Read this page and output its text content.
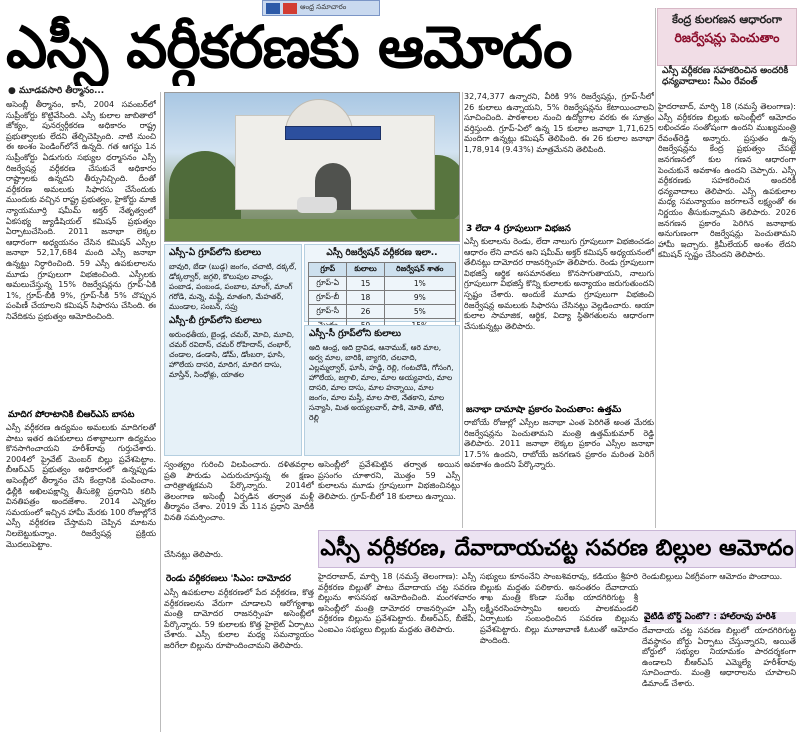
ఆంధ్ర సమాచారం
ఎస్సీ వర్గీకరణకు ఆమోదం
● మూడవసారి తీర్మానం...
కేంద్ర కులగణన ఆధారంగా
రిజర్వేషన్లు పెంచుతాం
ఎస్సీ వర్గీకరణ సహకరించిన అందరికీ ధన్యవాదాలు: సీఎం రేవంత్
అసెంబ్లీ తీర్మానం, కానీ, 2004 సవంబర్‌లో సుప్రీంకోర్టు కొట్టివేసింది. ఎస్సీ కులాల జాబితాలో జోక్యం, పునర్వర్గీకరణ అధికారం రాష్ట్ర ప్రభుత్వాలకు లేదని తేల్చిచెప్పింది. నాటి నుంచి ఈ అంశం పెండింగ్‌లోనే ఉన్నది. గత ఆగస్టు 1న సుప్రీంకోర్టు ఏడుగురు సభ్యుల ధర్మాసనం ఎస్సీ రిజర్వేషన్ల వర్గీకరణ చేసుకునే అధికారం రాష్ట్రాలకు ఉన్నదని తీర్పునిచ్చింది. దీంతో వర్గీకరణ అమలుకు సిఫారసు చేసేందుకు ముందుకు వచ్చిన రాష్ట్ర ప్రభుత్వం, హైకోర్టు మాజీ న్యాయమూర్తి షమీమ్ అక్తర్ నేతృత్వంలో ఏకసభ్య జ్యుడీషియల్ కమిషన్ ప్రభుత్వం ఏర్పాటుచేసింది. 2011 జనాభా లెక్కల ఆధారంగా అధ్యయనం చేసిన కమిషన్ ఎస్సీల జనాభా 52,17,684 మంది ఎస్సీ జనాభా ఉన్నట్టు నిర్ధారించింది. 59 ఎస్సీ ఉపకులాలను మూడు గ్రూపులుగా విభజించింది. ఎస్సీలకు అమలుచేస్తున్న 15% రిజర్వేషన్లను గ్రూప్-ఏకి 1%, గ్రూప్-బీకి 9%, గ్రూప్-సీకి 5% చొప్పున పంపిణీ చేయాలని కమిషన్ సిఫారసు చేసింది. ఈ నివేదికను ప్రభుత్వం ఆమోదించింది.
మాదిగ పోరాటానికి బీఆర్ఎస్ బాసట
ఎస్సీ వర్గీకరణ ఉద్యమం అమలుకు మాదిగలతో పాటు ఇతర ఉపకులాలు దశాబ్దాలుగా ఉద్యమం కొనసాగించాయని హరీశ్‌రావు గుర్తుచేశారు. 2004లో ప్రైవేట్ మెంబర్ బిల్లు ప్రవేశపెట్టాం. బీఆర్ఎస్ ప్రభుత్వం అధికారంలో ఉన్నప్పుడు అసెంబ్లీలో తీర్మానం చేసి కేంద్రానికి పంపించాం. ఢిల్లీకి అఖిలపక్షాన్ని తీసుకెళ్లి ప్రధానిని కలిసి వినతిపత్రం అందజేశాం. 2014 ఎన్నికల సమయంలో ఇచ్చిన హామీ మేరకు 100 రోజుల్లోనే ఎస్సీ వర్గీకరణ చేస్తామని చెప్పిన మాటను నిలబెట్టుకున్నాం. రిజర్వేషన్ల ప్రక్రియ మొదలుపెట్టాం.
ఎస్సీ-ఏ గ్రూప్‌లోని కులాలు

బావురి, బేడా (బుడ్గ) జంగం, చచాటి, దక్కల్, డోక్కల్వార్, జగ్గలి, కొలుపుల వాండ్లు, పంబాడ, పంబండ, పంబాల, మాంగ్, మాంగ్ గరోడి, మన్నె, మష్టీ, మాతంగి, మేహతర్, ముండాల, సంబన్, సప్రు

ఎస్సీ-బీ గ్రూప్‌లోని కులాలు

అరుంధతీయ, బైండ్ల, చమర్, మోచి, మూచి, చమర్ రవిదాస్, చమర్ రోహిదాస్, చంభార్, చండాల, డండాసి, డోమ్, డోంబరా, ఘాసి, హొలేయ దాసరి, మాదిగ, మాదిగ దాసు, మాస్తీన్, సింధోళ్లు, యాతల

ఎస్సీ రిజర్వేషన్ వర్గీకరణ ఇలా..
గ్రూప్	కులాలు	రిజర్వేషన్ శాతం
గ్రూప్-ఏ	15	1%
గ్రూప్-బీ	18	9%
గ్రూప్-సీ	26	5%

ఎస్సీ-సీ గ్రూప్‌లోని కులాలు

ఆది ఆంధ్ర, ఆది ద్రావిడ, ఆనాముక్, ఆరె మాల, అర్వ మాల, బారికి, బ్యాగరి, చలవాది, ఎల్లమ్మల్వార్, ఘాసీ, హడ్డి, రెల్లి, గంటచోడి, గోసంగి, హొలేయ, జగ్గాలి, మాల, మాల అయ్యవారు, మాల దాసరి, మాల దాసు, మాల హన్నాయి, మాల జంగం, మాల మస్తీ, మాల సాలె, నేతకాని, మాల సన్యాసి, మిత అయ్యలవార్, పాకి, మోతి, తోటి, రెల్లి

32,74,377 ఉన్నారని, వీరికి 9% రిజర్వేషన్లు, గ్రూప్-సీలో 26 కులాలు ఉన్నాయని, 5% రిజర్వేషన్లను కేటాయించాలని సూచించింది. పాఠశాలల నుంచి ఉద్యోగాల వరకు ఈ సూత్రం వర్తిస్తుంది. గ్రూప్-ఏలో ఉన్న 15 కులాల జనాభా 1,71,625 మందిగా ఉన్నట్లు కమిషన్ తెలిపింది. ఈ 26 కులాల జనాభా 1,78,914 (9.43%) మాత్రమేనని తెలిపింది.
3 లేదా 4 గ్రూపులుగా విభజన
ఎస్సీ కులాలను రెండు, లేదా నాలుగు గ్రూపులుగా విభజించడం ఆధారం లేని వాదన అని షమీమ్ అక్తర్ కమిషన్ అధ్యయనంలో తేలినట్లు దామోదర రాజనర్సింహ తెలిపారు. రెండు గ్రూపులుగా విభజిస్తే ఆర్థిక అసమానతలు కొనసాగుతాయని, నాలుగు గ్రూపులుగా విభజిస్తే కొన్ని కులాలకు అన్యాయం జరుగుతుందని స్పష్టం చేశారు. అందుకే మూడు గ్రూపులుగా విభజించి రిజర్వేషన్ల అమలుకు సిఫారసు చేసినట్లు వెల్లడించారు. ఆయా కులాల సామాజిక, ఆర్థిక, విద్యా స్థితిగతులను ఆధారంగా చేసుకున్నట్లు తెలిపారు.
జనాభా దామాషా ప్రకారం పెంచుతాం: ఉత్తమ్
రాబోయే రోజుల్లో ఎస్సీల జనాభా ఎంత పెరిగితే అంత మేరకు రిజర్వేషన్లను పెంచుతామని మంత్రి ఉత్తమ్‌కుమార్ రెడ్డి తెలిపారు. 2011 జనాభా లెక్కల ప్రకారం ఎస్సీల జనాభా 17.5% ఉందని, రాబోయే జనగణన ప్రకారం మరింత పెరిగే అవకాశం ఉందని పేర్కొన్నారు.
స్వంత్య్రం గురించి విలపించారు. దళితవర్గాల ప్రతి పౌరుడు ఎదురుచూస్తున్న ఈ క్షణం చారిత్రాత్మకమని పేర్కొన్నారు. 2014లో తెలంగాణ అసెంబ్లీ ఏర్పడిన తర్వాత మళ్లీ తీర్మానం చేశాం. 2019 మే 11న ప్రధాని మోదీకి వినతి సమర్పించాం.
అసెంబ్లీలో ప్రవేశపెట్టిన తర్వాత అయిన ప్రసంగం చూశారని, మొత్తం 59 ఎస్సీ కులాలను మూడు గ్రూపులుగా విభజించినట్లు తెలిపారు. గ్రూప్-బీలో 18 కులాలు ఉన్నాయి.
హైదరాబాద్, మార్చి 18 (నమస్తే తెలంగాణ): ఎస్సీ వర్గీకరణ బిల్లుకు అసెంబ్లీలో ఆమోదం లభించడం సంతోషంగా ఉందని ముఖ్యమంత్రి రేవంత్‌రెడ్డి అన్నారు. ప్రస్తుతం ఉన్న రిజర్వేషన్లను కేంద్ర ప్రభుత్వం చేపట్టే జనగణనలో కుల గణన ఆధారంగా పెంచుకునే అవకాశం ఉందని చెప్పారు. ఎస్సీ వర్గీకరణకు సహకరించిన అందరికీ ధన్యవాదాలు తెలిపారు. ఎస్సీ ఉపకులాల మధ్య సమన్యాయం జరగాలనే లక్ష్యంతో ఈ నిర్ణయం తీసుకున్నామని తెలిపారు. 2026 జనగణన ప్రకారం పెరిగిన జనాభాకు అనుగుణంగా రిజర్వేషన్లు పెంచుతామని హామీ ఇచ్చారు. క్రిమీలేయర్ అంశం లేదని కమిషన్ స్పష్టం చేసిందని తెలిపారు.
ఎస్సీ వర్గీకరణ, దేవాదాయచట్ట సవరణ బిల్లుల ఆమోదం
చేసినట్లు తెలిపారు.
రెండు వర్గీకరణలు 'సీఎం: దామోదర
ఎస్సీ ఉపకులాల వర్గీకరణలో పేద వర్గీకరణ, కొత్త వర్గీకరణలను వేరుగా చూడాలని ఆరోగ్యశాఖ మంత్రి దామోదర రాజనర్సింహ అసెంబ్లీలో పేర్కొన్నారు. 59 కులాలకు కొత్త హైలైట్ ఏర్పాటు చేశారు. ఎస్సీ కులాల మధ్య సమన్యాయం జరిగేలా బిల్లును రూపొందించామని తెలిపారు.
హైదరాబాద్, మార్చి 18 (నమస్తే తెలంగాణ): ఎస్సీ వర్గీకరణ బిల్లుతో పాటు దేవాదాయ చట్ట సవరణ బిల్లును శాసనసభ ఆమోదించింది. మంగళవారం అసెంబ్లీలో మంత్రి దామోదర రాజనర్సింహ ఎస్సీ వర్గీకరణ బిల్లును ప్రవేశపెట్టారు. బీఆర్ఎస్, బీజేపీ, ఎంఐఎం సభ్యులు బిల్లుకు మద్దతు తెలిపారు.
సభ్యులు కూనంనేని సాంబశివరావు, కడియం శ్రీహరి బిల్లుకు మద్దతు పలికారు. అనంతరం దేవాదాయ శాఖ మంత్రి కొండా సురేఖ యాదగిరిగుట్ట శ్రీ లక్ష్మీనరసింహస్వామి ఆలయ పాలకమండలి ఏర్పాటుకు సంబంధించిన సవరణ బిల్లును ప్రవేశపెట్టారు. బిల్లు మూజువాణి ఓటుతో ఆమోదం పొందింది.
రెండుబిల్లులు ఏకగ్రీవంగా ఆమోదం పొందాయి.
వైటీడీ బోర్డ్ ఏంటో? : హాల్‌రావు హరీశ్
దేవాదాయ చట్ట సవరణ బిల్లులో యాదగిరిగుట్ట దేవస్థానం బోర్డు ఏర్పాటు చేస్తున్నారని, అయితే బోర్డులో సభ్యుల నియామకం పారదర్శకంగా ఉండాలని బీఆర్ఎస్ ఎమ్మెల్యే హరీశ్‌రావు సూచించారు. మంత్రి ఆధారాలను చూపాలని డిమాండ్ చేశారు.
